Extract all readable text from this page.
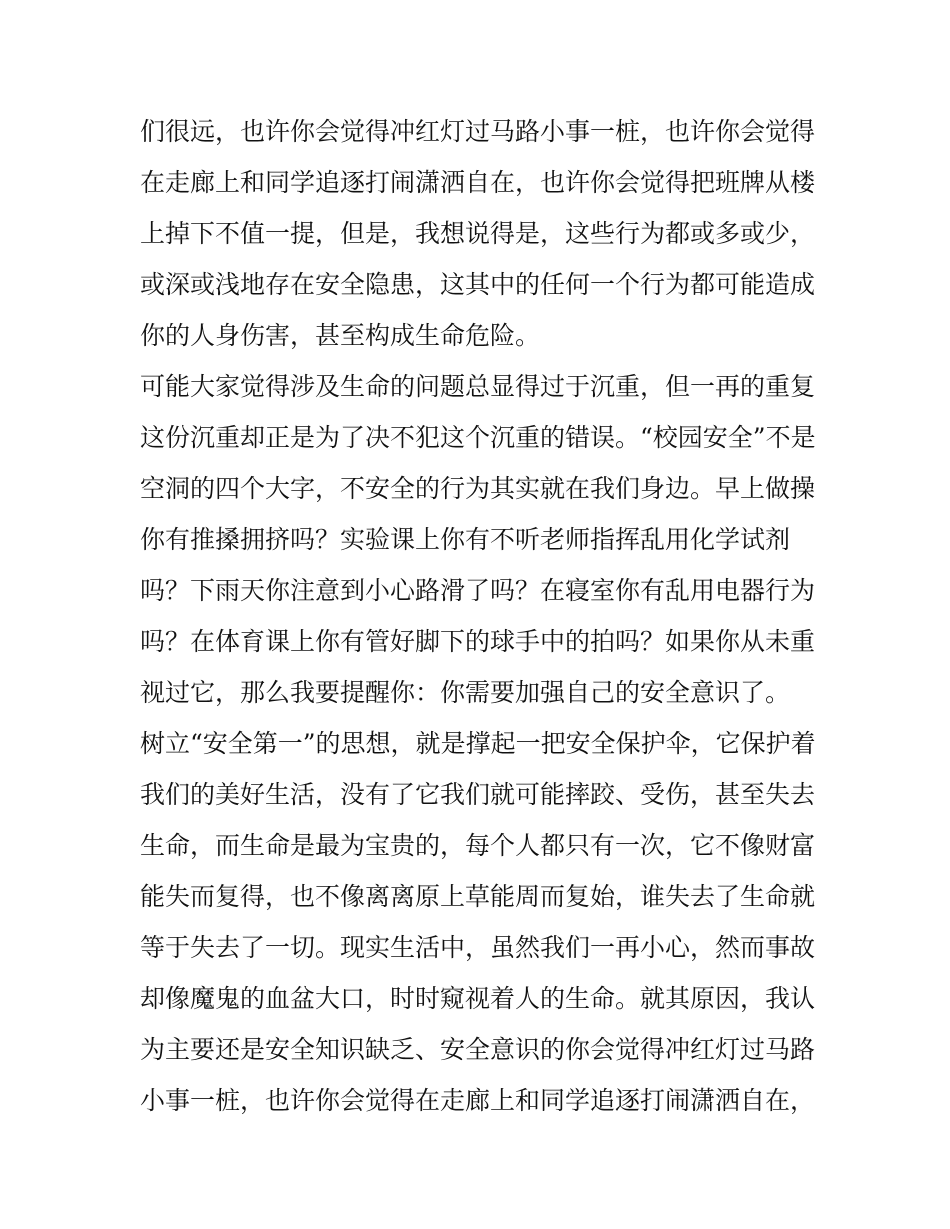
们很远，也许你会觉得冲红灯过马路小事一桩，也许你会觉得
在走廊上和同学追逐打闹潇洒自在，也许你会觉得把班牌从楼
上掉下不值一提，但是，我想说得是，这些行为都或多或少，
或深或浅地存在安全隐患，这其中的任何一个行为都可能造成
你的人身伤害，甚至构成生命危险。
可能大家觉得涉及生命的问题总显得过于沉重，但一再的重复
这份沉重却正是为了决不犯这个沉重的错误。“校园安全”不是
空洞的四个大字，不安全的行为其实就在我们身边。早上做操
你有推搡拥挤吗？实验课上你有不听老师指挥乱用化学试剂
吗？下雨天你注意到小心路滑了吗？在寝室你有乱用电器行为
吗？在体育课上你有管好脚下的球手中的拍吗？如果你从未重
视过它，那么我要提醒你：你需要加强自己的安全意识了。
树立“安全第一”的思想，就是撑起一把安全保护伞，它保护着
我们的美好生活，没有了它我们就可能摔跤、受伤，甚至失去
生命，而生命是最为宝贵的，每个人都只有一次，它不像财富
能失而复得，也不像离离原上草能周而复始，谁失去了生命就
等于失去了一切。现实生活中，虽然我们一再小心，然而事故
却像魔鬼的血盆大口，时时窥视着人的生命。就其原因，我认
为主要还是安全知识缺乏、安全意识的你会觉得冲红灯过马路
小事一桩，也许你会觉得在走廊上和同学追逐打闹潇洒自在，
